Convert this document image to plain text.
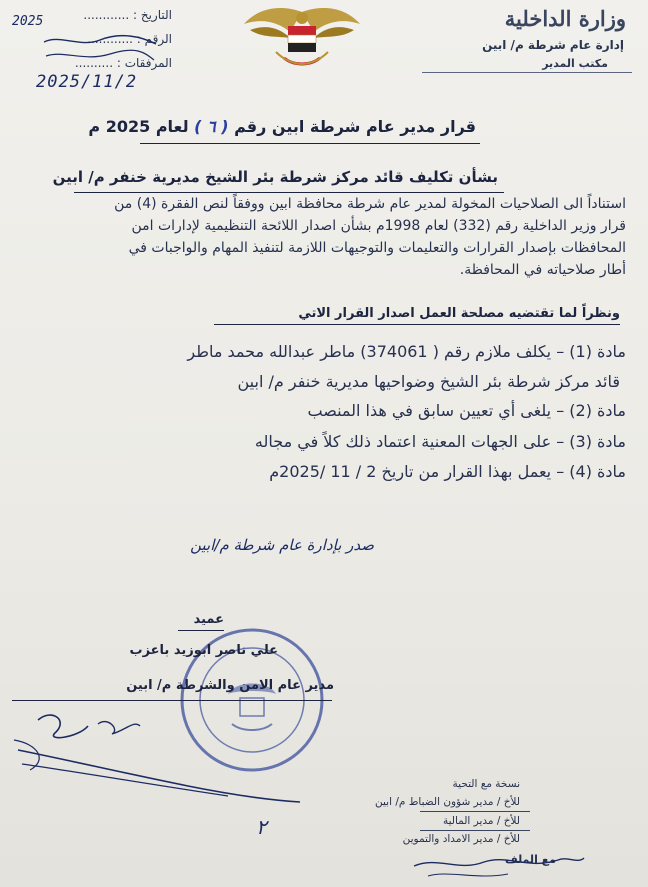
وزارة الداخلية
إدارة عام شرطة م/ ابين
مكتب المدير
التاريخ : ............
2025
الرقم : ............
المرفقات : ..........
2025/11/2
قرار مدير عام شرطة ابين رقم ( ٦ ) لعام 2025 م
بشأن تكليف قائد مركز شرطة بئر الشيخ مديرية خنفر م/ ابين
استناداً الى الصلاحيات المخولة لمدير عام شرطة محافظة ابين ووفقاً لنص الفقرة (4) من
قرار وزير الداخلية رقم (332) لعام 1998م بشأن اصدار اللائحة التنظيمية لإدارات امن
المحافظات بإصدار القرارات والتعليمات والتوجيهات اللازمة لتنفيذ المهام والواجبات في
أطار صلاحياته في المحافظة.
ونظراً لما تقتضيه مصلحة العمل اصدار القرار الاتي
مادة (1) – يكلف ملازم رقم ( 374061) ماطر عبدالله محمد ماطر
قائد مركز شرطة بئر الشيخ وضواحيها مديرية خنفر م/ ابين
مادة (2) – يلغى أي تعيين سابق في هذا المنصب
مادة (3) – على الجهات المعنية اعتماد ذلك كلاً في مجاله
مادة (4) – يعمل بهذا القرار من تاريخ 2 / 11 /2025م
صدر بإدارة عام شرطة م/ابين
عميد
علي ناصر ابوزيد باعزب
مدير عام الامن والشرطة م/ ابين
٢
نسخة مع التحية
للأخ / مدير شؤون الضباط م/ ابين
للأخ / مدير المالية
للأخ / مدير الامداد والتموين
مع الملف
